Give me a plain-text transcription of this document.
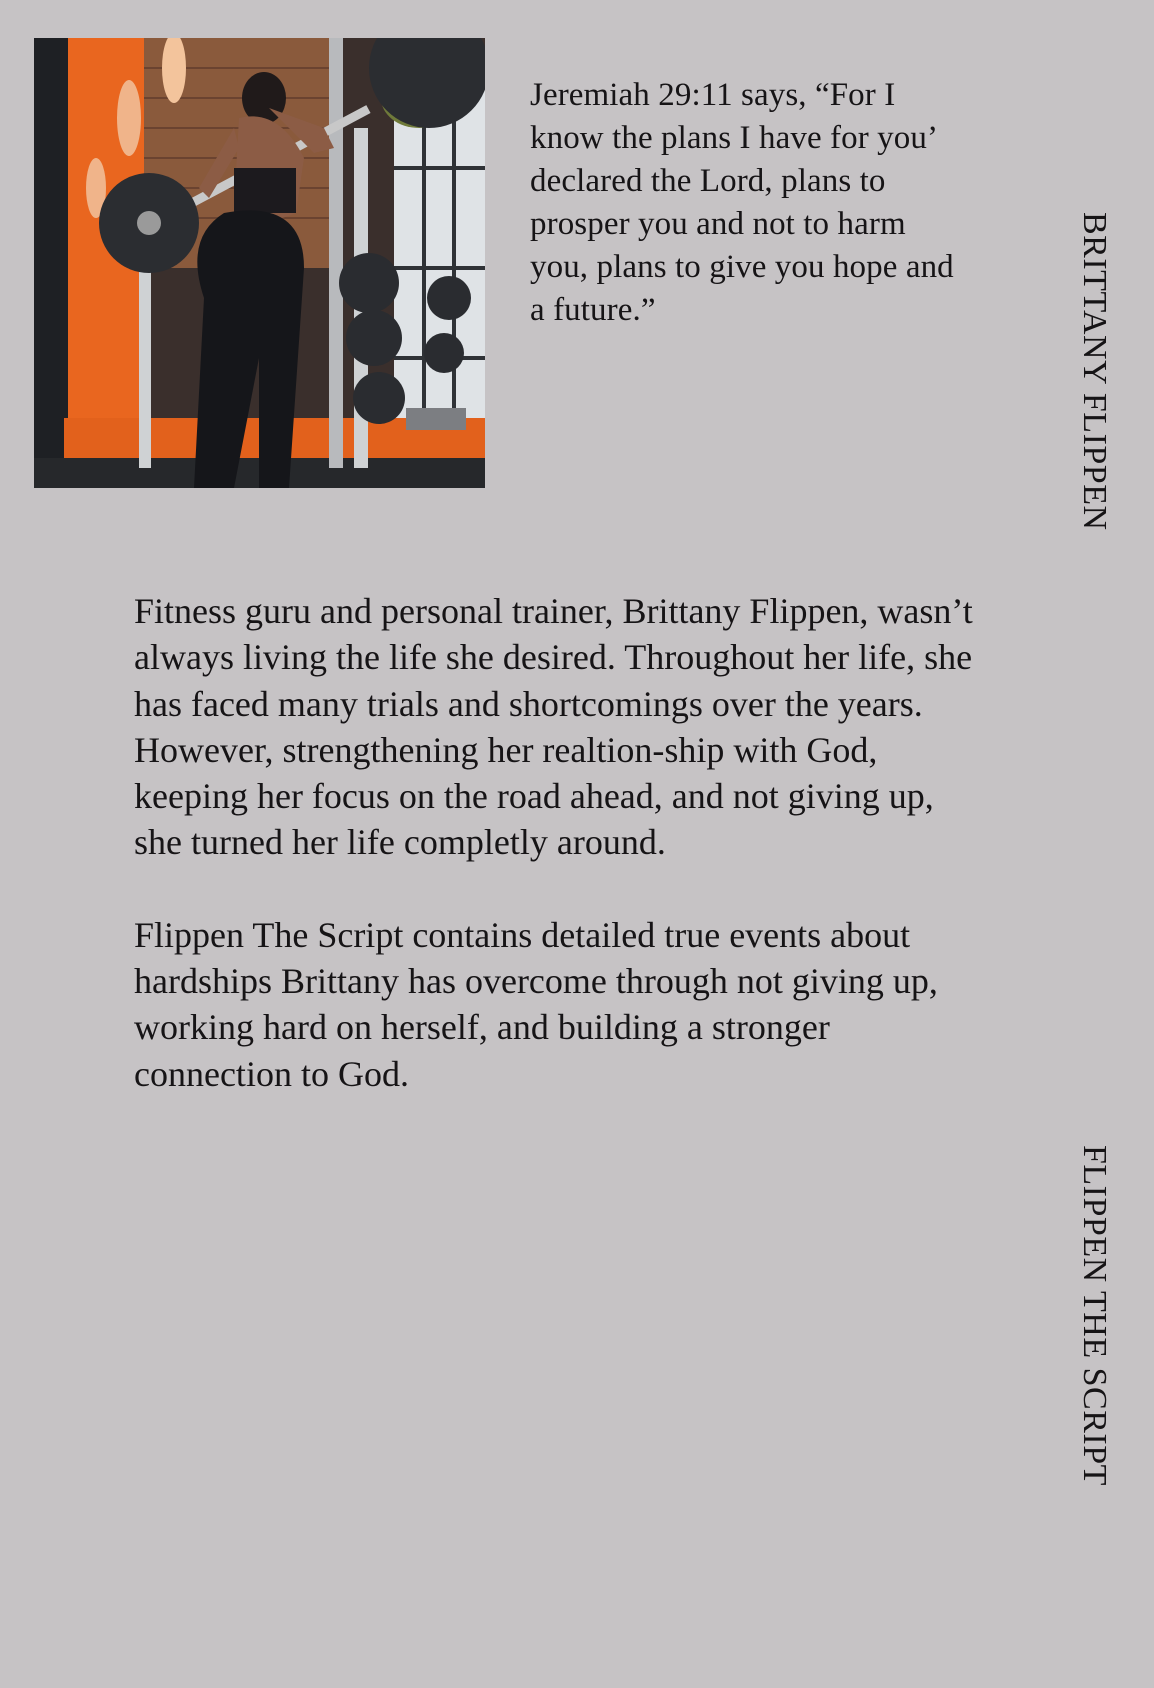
Jeremiah 29:11 says, “For I know the plans I have for you’ declared the Lord, plans to prosper you and not to harm you, plans to give you hope and a future.”

Fitness guru and personal trainer, Brittany Flippen, wasn’t always living the life she desired. Throughout her life, she has faced many trials and shortcomings over the years. However, strengthening her realtion-ship with God, keeping her focus on the road ahead, and not giving up, she turned her life completly around.

Flippen The Script contains detailed true events about hardships Brittany has overcome through not giving up, working hard on herself, and building a stronger connection to God.

BRITTANY FLIPPEN
FLIPPEN THE SCRIPT
